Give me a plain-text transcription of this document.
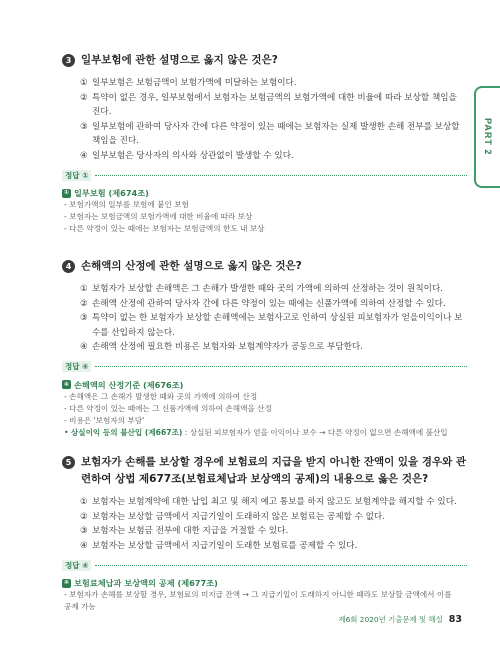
PART 2
3 일부보험에 관한 설명으로 옳지 않은 것은?
① 일부보험은 보험금액이 보험가액에 미달하는 보험이다.
② 특약이 없은 경우, 일부보험에서 보험자는 보험금액의 보험가액에 대한 비율에 따라 보상할 책임을 진다.
③ 일부보험에 관하여 당사자 간에 다른 약정이 있는 때에는 보험자는 실제 발생한 손해 전부를 보상할 책임을 진다.
④ 일부보험은 당사자의 의사와 상관없이 발생할 수 있다.
정답 ①
① 일부보험 (제674조)
- 보험가액의 일부를 보험에 붙인 보험
- 보험자는 보험금액의 보험가액에 대한 비율에 따라 보상
- 다른 약정이 있는 때에는 보험자는 보험금액의 한도 내 보상
4 손해액의 산정에 관한 설명으로 옳지 않은 것은?
① 보험자가 보상할 손해액은 그 손해가 발생한 때와 곳의 가액에 의하여 산정하는 것이 원칙이다.
② 손해액 산정에 관하여 당사자 간에 다른 약정이 있는 때에는 신품가액에 의하여 산정할 수 있다.
③ 특약이 없는 한 보험자가 보상할 손해액에는 보험사고로 인하여 상실된 피보험자가 얻을이익이나 보수를 산입하지 않는다.
④ 손해액 산정에 필요한 비용은 보험자와 보험계약자가 공동으로 부담한다.
정답 ④
④ 손해액의 산정기준 (제676조)
- 손해액은 그 손해가 발생한 때와 곳의 가액에 의하여 산정
- 다른 약정이 있는 때에는 그 신품가액에 의하여 손해액을 산정
- 비용은 '보험자의 부담'
• 상실이익 등의 불산입 (제667조) : 상실된 피보험자가 얻을 이익이나 보수 → 다른 약정이 없으면 손해액에 불산입
5 보험자가 손해를 보상할 경우에 보험료의 지급을 받지 아니한 잔액이 있을 경우와 관련하여 상법 제677조(보험료체납과 보상액의 공제)의 내용으로 옳은 것은?
① 보험자는 보험계약에 대한 납입 최고 및 해지 예고 통보를 하지 않고도 보험계약을 해지할 수 있다.
② 보험자는 보상할 금액에서 지급기일이 도래하지 않은 보험료는 공제할 수 없다.
③ 보험자는 보험금 전부에 대한 지급을 거절할 수 있다.
④ 보험자는 보상할 금액에서 지급기일이 도래한 보험료를 공제할 수 있다.
정답 ④
④ 보험료체납과 보상액의 공제 (제677조)
- 보험자가 손해를 보상할 경우, 보험료의 미지급 잔액 → 그 지급기일이 도래하지 아니한 때라도 보상할 금액에서 이를
공제 가능
제6회 2020년 기출문제 및 해설 83
